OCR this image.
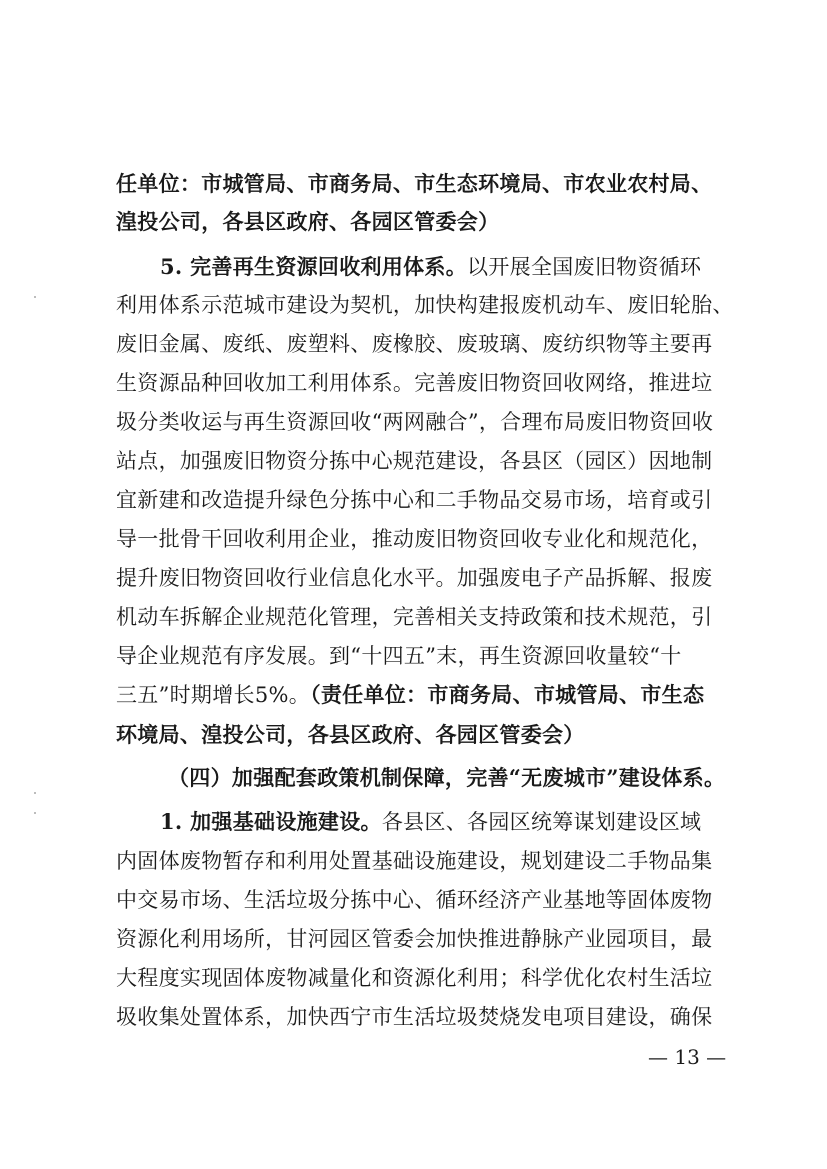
任单位：市城管局、市商务局、市生态环境局、市农业农村局、
湟投公司，各县区政府、各园区管委会）
5. 完善再生资源回收利用体系。以开展全国废旧物资循环
利用体系示范城市建设为契机，加快构建报废机动车、废旧轮胎、
废旧金属、废纸、废塑料、废橡胶、废玻璃、废纺织物等主要再
生资源品种回收加工利用体系。完善废旧物资回收网络，推进垃
圾分类收运与再生资源回收“两网融合”，合理布局废旧物资回收
站点，加强废旧物资分拣中心规范建设，各县区（园区）因地制
宜新建和改造提升绿色分拣中心和二手物品交易市场，培育或引
导一批骨干回收利用企业，推动废旧物资回收专业化和规范化，
提升废旧物资回收行业信息化水平。加强废电子产品拆解、报废
机动车拆解企业规范化管理，完善相关支持政策和技术规范，引
导企业规范有序发展。到“十四五”末，再生资源回收量较“十
三五”时期增长5%。（责任单位：市商务局、市城管局、市生态
环境局、湟投公司，各县区政府、各园区管委会）
（四）加强配套政策机制保障，完善“无废城市”建设体系。
1. 加强基础设施建设。各县区、各园区统筹谋划建设区域
内固体废物暂存和利用处置基础设施建设，规划建设二手物品集
中交易市场、生活垃圾分拣中心、循环经济产业基地等固体废物
资源化利用场所，甘河园区管委会加快推进静脉产业园项目，最
大程度实现固体废物减量化和资源化利用；科学优化农村生活垃
圾收集处置体系，加快西宁市生活垃圾焚烧发电项目建设，确保
— 13 —
